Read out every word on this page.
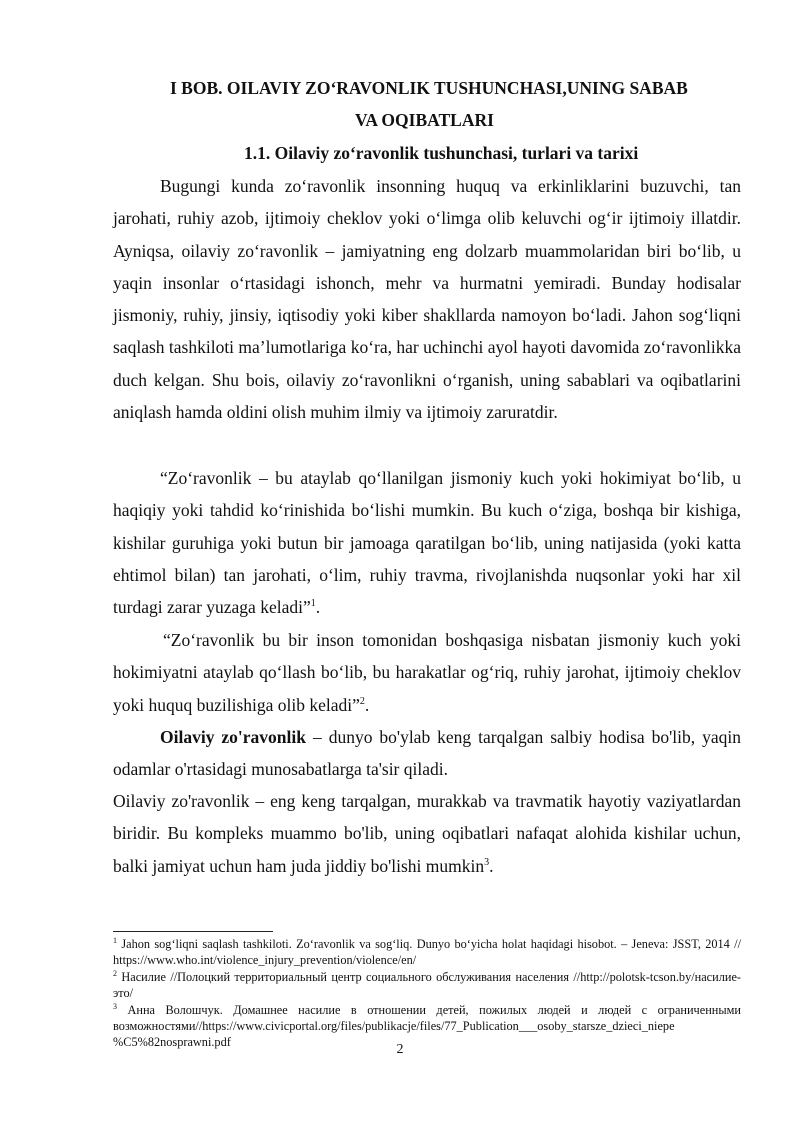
I BOB. OILAVIY ZO‘RAVONLIK TUSHUNCHASI,UNING SABAB
VA OQIBATLARI
1.1. Oilaviy zo‘ravonlik tushunchasi, turlari va tarixi

Bugungi kunda zo‘ravonlik insonning huquq va erkinliklarini buzuvchi, tan jarohati, ruhiy azob, ijtimoiy cheklov yoki o‘limga olib keluvchi og‘ir ijtimoiy illatdir. Ayniqsa, oilaviy zo‘ravonlik – jamiyatning eng dolzarb muammolaridan biri bo‘lib, u yaqin insonlar o‘rtasidagi ishonch, mehr va hurmatni yemiradi. Bunday hodisalar jismoniy, ruhiy, jinsiy, iqtisodiy yoki kiber shakllarda namoyon bo‘ladi. Jahon sog‘liqni saqlash tashkiloti ma’lumotlariga ko‘ra, har uchinchi ayol hayoti davomida zo‘ravonlikka duch kelgan. Shu bois, oilaviy zo‘ravonlikni o‘rganish, uning sabablari va oqibatlarini aniqlash hamda oldini olish muhim ilmiy va ijtimoiy zaruratdir.

“Zo‘ravonlik – bu ataylab qo‘llanilgan jismoniy kuch yoki hokimiyat bo‘lib, u haqiqiy yoki tahdid ko‘rinishida bo‘lishi mumkin. Bu kuch o‘ziga, boshqa bir kishiga, kishilar guruhiga yoki butun bir jamoaga qaratilgan bo‘lib, uning natijasida (yoki katta ehtimol bilan) tan jarohati, o‘lim, ruhiy travma, rivojlanishda nuqsonlar yoki har xil turdagi zarar yuzaga keladi”$^1$.

“Zo‘ravonlik bu bir inson tomonidan boshqasiga nisbatan jismoniy kuch yoki hokimiyatni ataylab qo‘llash bo‘lib, bu harakatlar og‘riq, ruhiy jarohat, ijtimoiy cheklov yoki huquq buzilishiga olib keladi”$^2$.

Oilaviy zo'ravonlik – dunyo bo'ylab keng tarqalgan salbiy hodisa bo'lib, yaqin odamlar o'rtasidagi munosabatlarga ta'sir qiladi.

Oilaviy zo'ravonlik – eng keng tarqalgan, murakkab va travmatik hayotiy vaziyatlardan biridir. Bu kompleks muammo bo'lib, uning oqibatlari nafaqat alohida kishilar uchun, balki jamiyat uchun ham juda jiddiy bo'lishi mumkin$^3$.

$^1$ Jahon sog‘liqni saqlash tashkiloti. Zo‘ravonlik va sog‘liq. Dunyo bo‘yicha holat haqidagi hisobot. – Jeneva: JSST, 2014 // https://www.who.int/violence_injury_prevention/violence/en/

$^2$ Насилие //Полоцкий территориальный центр социального обслуживания населения //http://polotsk-tcson.by/насилие-это/

$^3$ Анна Волошчук. Домашнее насилие в отношении детей, пожилых людей и людей с ограниченными возможностями//https://www.civicportal.org/files/publikacje/files/77_Publication___osoby_starsze_dzieci_niepe %C5%82nosprawni.pdf	2
